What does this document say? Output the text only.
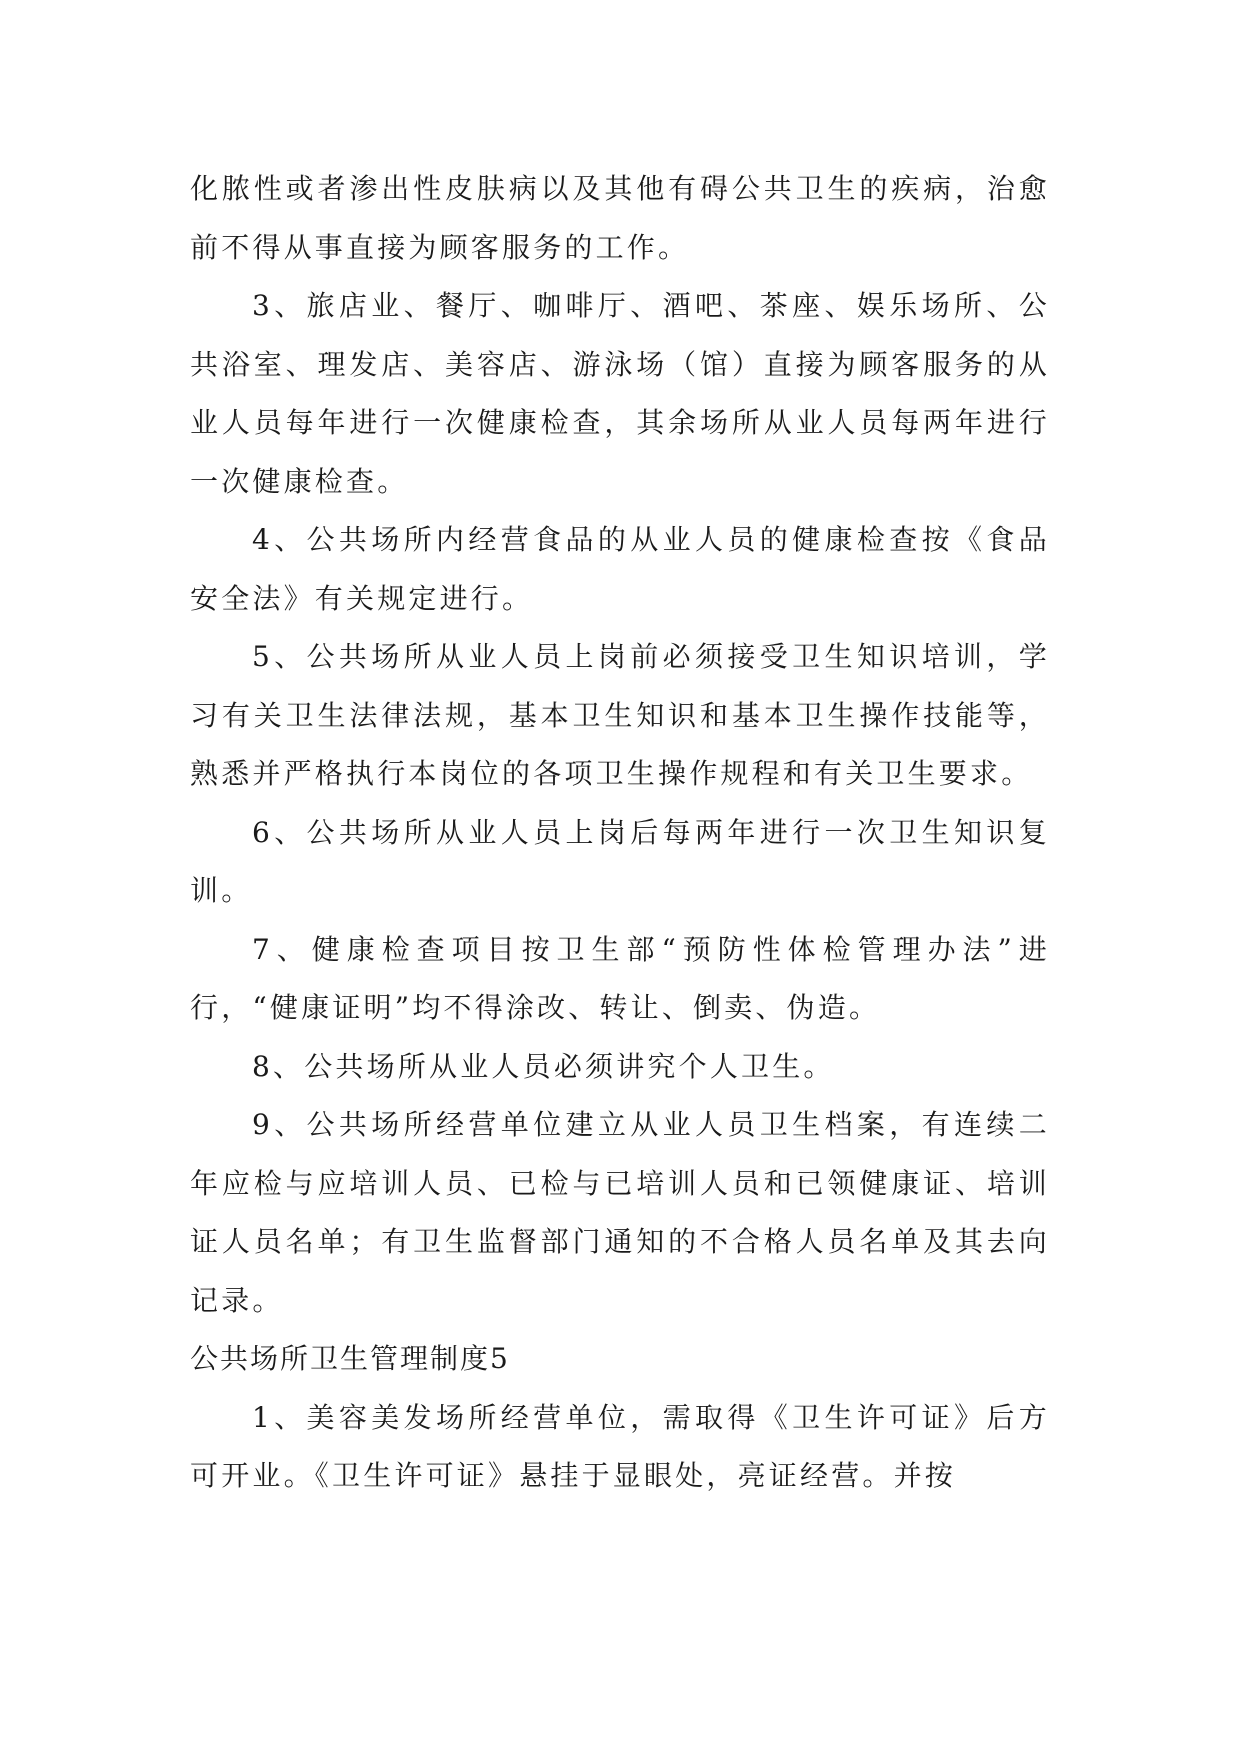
化脓性或者渗出性皮肤病以及其他有碍公共卫生的疾病，治愈前不得从事直接为顾客服务的工作。

3、旅店业、餐厅、咖啡厅、酒吧、茶座、娱乐场所、公共浴室、理发店、美容店、游泳场（馆）直接为顾客服务的从业人员每年进行一次健康检查，其余场所从业人员每两年进行一次健康检查。

4、公共场所内经营食品的从业人员的健康检查按《食品安全法》有关规定进行。

5、公共场所从业人员上岗前必须接受卫生知识培训，学习有关卫生法律法规，基本卫生知识和基本卫生操作技能等，熟悉并严格执行本岗位的各项卫生操作规程和有关卫生要求。

6、公共场所从业人员上岗后每两年进行一次卫生知识复训。

7、健康检查项目按卫生部“预防性体检管理办法”进行，“健康证明”均不得涂改、转让、倒卖、伪造。

8、公共场所从业人员必须讲究个人卫生。

9、公共场所经营单位建立从业人员卫生档案，有连续二年应检与应培训人员、已检与已培训人员和已领健康证、培训证人员名单；有卫生监督部门通知的不合格人员名单及其去向记录。

公共场所卫生管理制度5

1、美容美发场所经营单位，需取得《卫生许可证》后方可开业。《卫生许可证》悬挂于显眼处，亮证经营。并按
